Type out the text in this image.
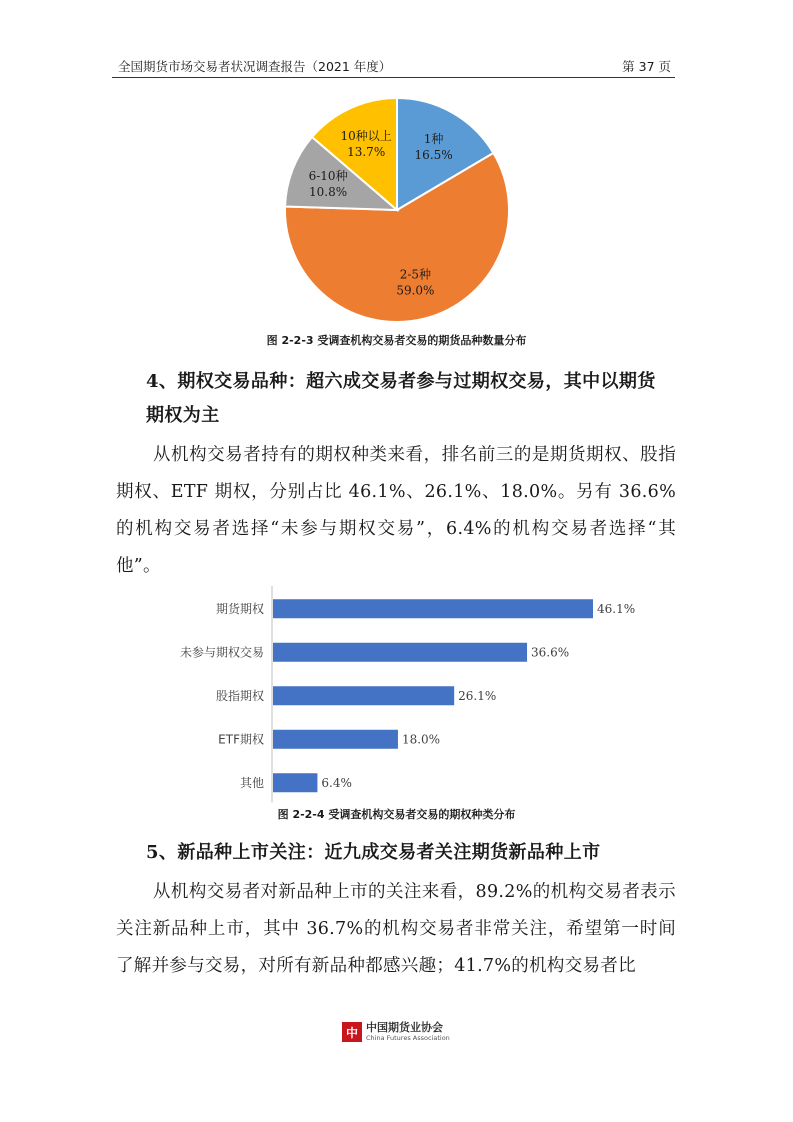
全国期货市场交易者状况调查报告（2021 年度）	第 37 页
1种
16.5%
2-5种
59.0%
6-10种
10.8%
10种以上
13.7%
图 2-2-3 受调查机构交易者交易的期货品种数量分布
4、期权交易品种：超六成交易者参与过期权交易，其中以期货期权为主
从机构交易者持有的期权种类来看，排名前三的是期货期权、股指期权、ETF 期权，分别占比 46.1%、26.1%、18.0%。另有 36.6%的机构交易者选择“未参与期权交易”，6.4%的机构交易者选择“其他”。
期货期权	46.1%
未参与期权交易	36.6%
股指期权	26.1%
ETF期权	18.0%
其他	6.4%
图 2-2-4 受调查机构交易者交易的期权种类分布
5、新品种上市关注：近九成交易者关注期货新品种上市
从机构交易者对新品种上市的关注来看，89.2%的机构交易者表示关注新品种上市，其中 36.7%的机构交易者非常关注，希望第一时间了解并参与交易，对所有新品种都感兴趣；41.7%的机构交易者比
中 中国期货业协会
China Futures Association
